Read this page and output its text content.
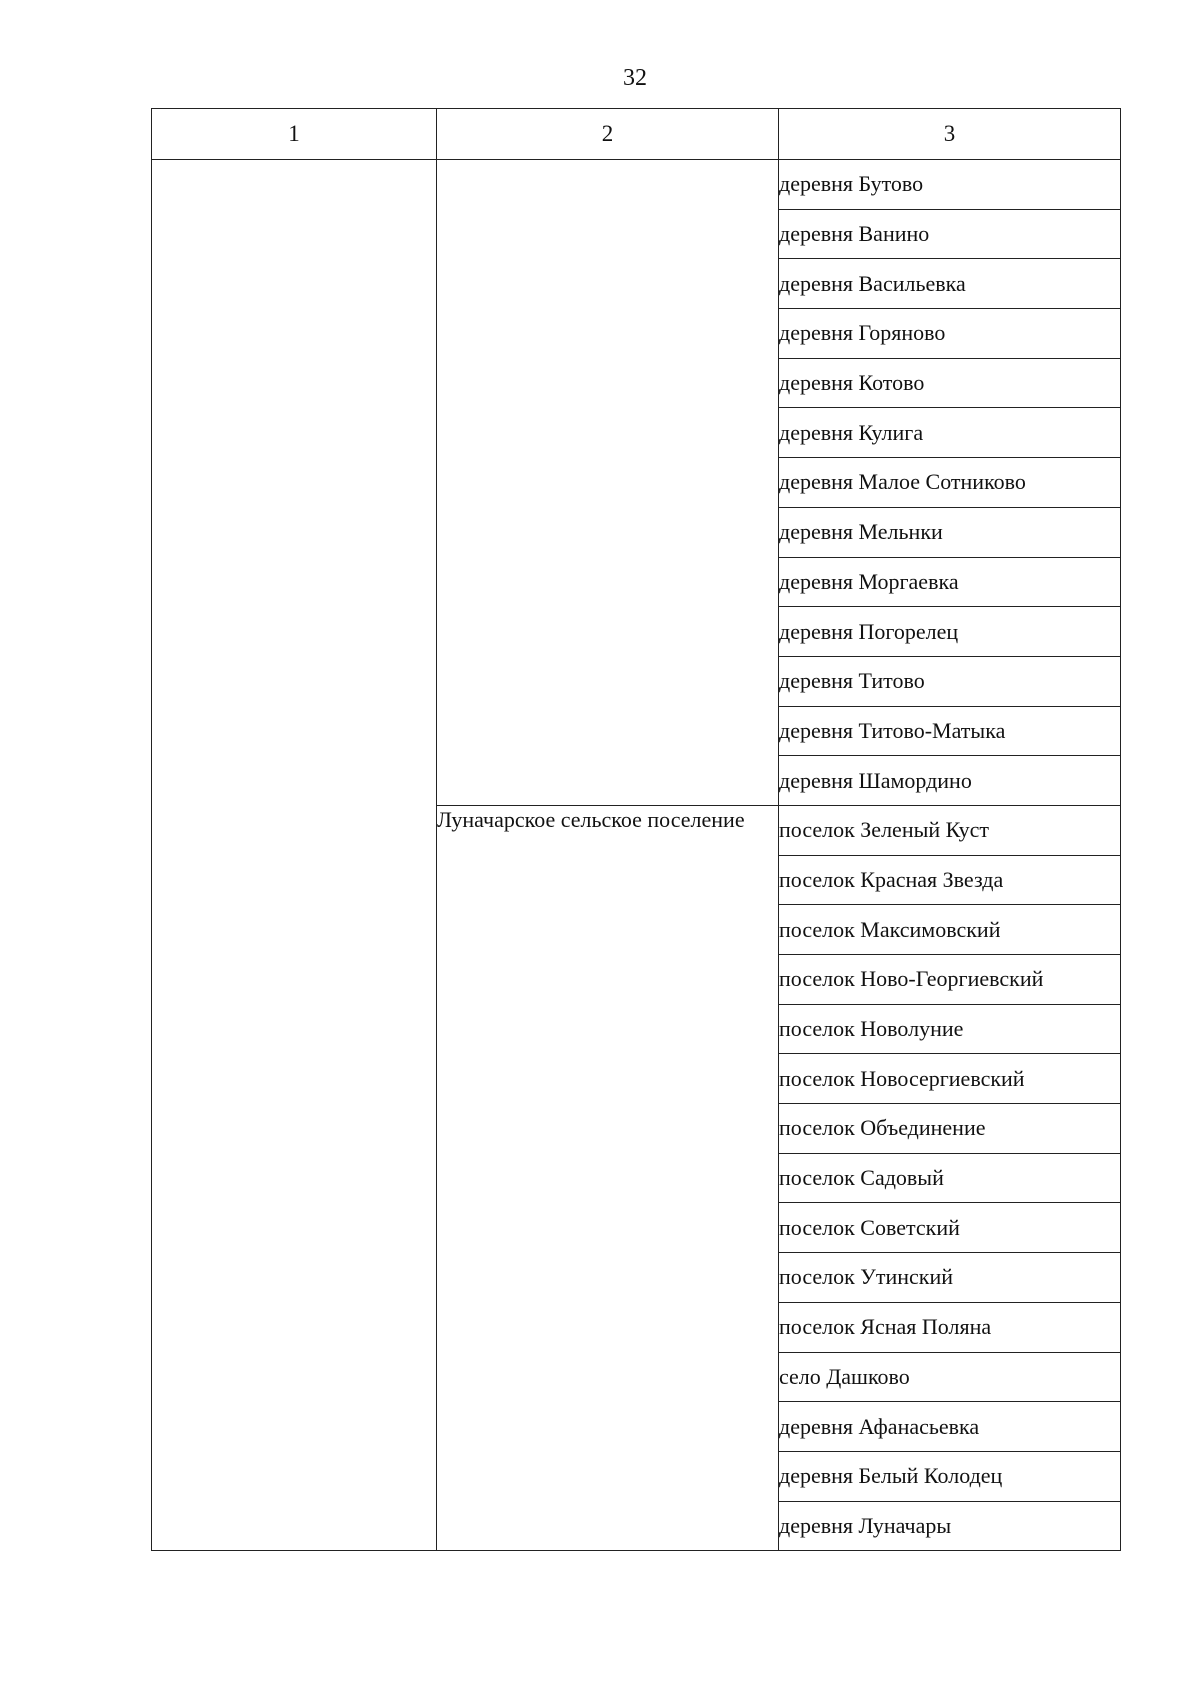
32
1	2	3
		деревня Бутово
		деревня Ванино
		деревня Васильевка
		деревня Горяново
		деревня Котово
		деревня Кулига
		деревня Малое Сотниково
		деревня Мельнки
		деревня Моргаевка
		деревня Погорелец
		деревня Титово
		деревня Титово-Матыка
		деревня Шамордино
	Луначарское сельское поселение	поселок Зеленый Куст
		поселок Красная Звезда
		поселок Максимовский
		поселок Ново-Георгиевский
		поселок Новолуние
		поселок Новосергиевский
		поселок Объединение
		поселок Садовый
		поселок Советский
		поселок Утинский
		поселок Ясная Поляна
		село Дашково
		деревня Афанасьевка
		деревня Белый Колодец
		деревня Луначары
